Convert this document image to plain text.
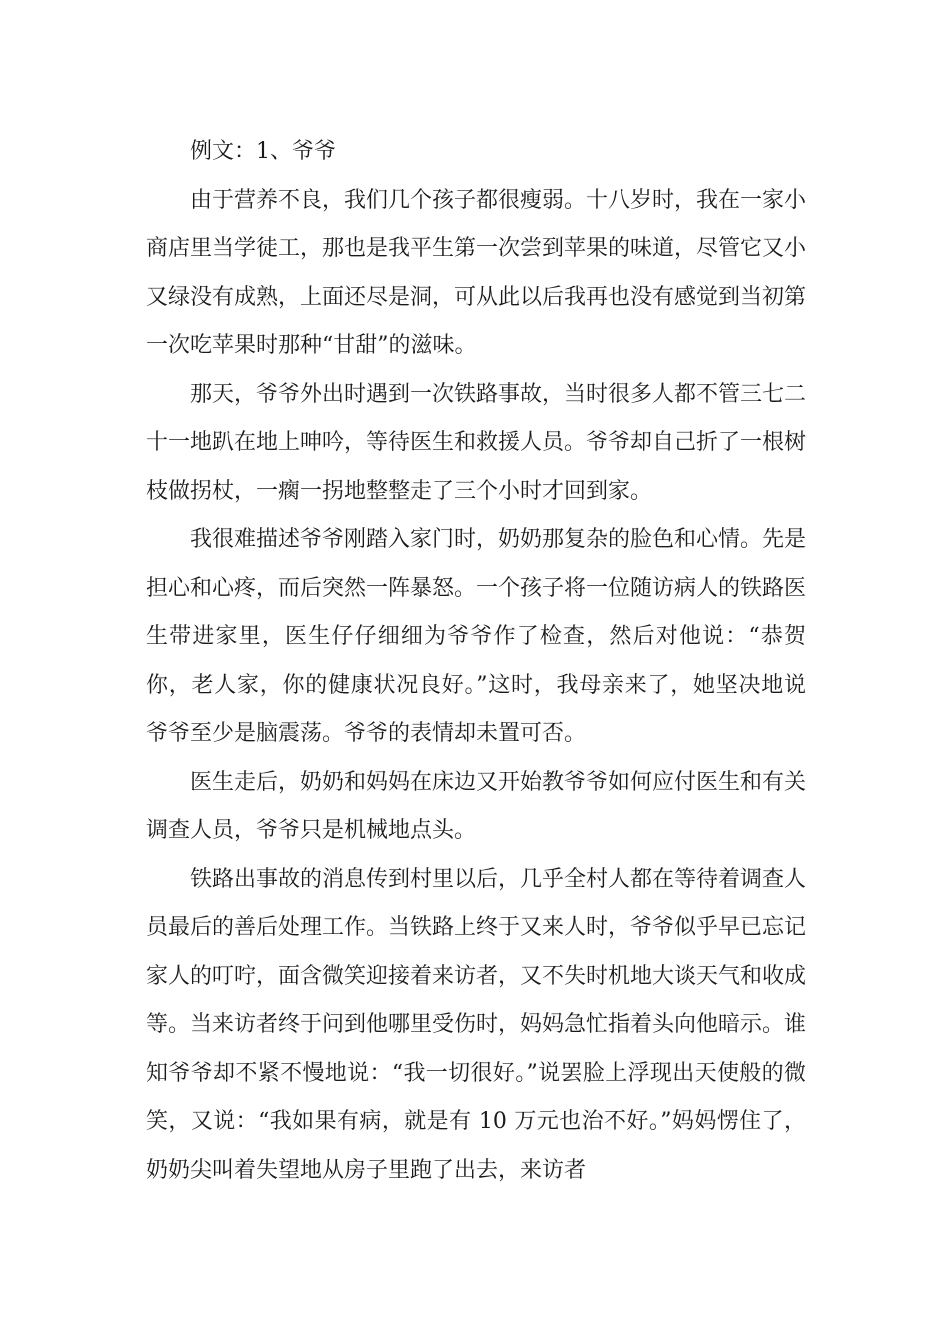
例文：1、爷爷

由于营养不良，我们几个孩子都很瘦弱。十八岁时，我在一家小商店里当学徒工，那也是我平生第一次尝到苹果的味道，尽管它又小又绿没有成熟，上面还尽是洞，可从此以后我再也没有感觉到当初第一次吃苹果时那种“甘甜”的滋味。

那天，爷爷外出时遇到一次铁路事故，当时很多人都不管三七二十一地趴在地上呻吟，等待医生和救援人员。爷爷却自己折了一根树枝做拐杖，一瘸一拐地整整走了三个小时才回到家。

我很难描述爷爷刚踏入家门时，奶奶那复杂的脸色和心情。先是担心和心疼，而后突然一阵暴怒。一个孩子将一位随访病人的铁路医生带进家里，医生仔仔细细为爷爷作了检查，然后对他说：“恭贺你，老人家，你的健康状况良好。”这时，我母亲来了，她坚决地说爷爷至少是脑震荡。爷爷的表情却未置可否。

医生走后，奶奶和妈妈在床边又开始教爷爷如何应付医生和有关调查人员，爷爷只是机械地点头。

铁路出事故的消息传到村里以后，几乎全村人都在等待着调查人员最后的善后处理工作。当铁路上终于又来人时，爷爷似乎早已忘记家人的叮咛，面含微笑迎接着来访者，又不失时机地大谈天气和收成等。当来访者终于问到他哪里受伤时，妈妈急忙指着头向他暗示。谁知爷爷却不紧不慢地说：“我一切很好。”说罢脸上浮现出天使般的微笑，又说：“我如果有病，就是有 10 万元也治不好。”妈妈愣住了，奶奶尖叫着失望地从房子里跑了出去，来访者
